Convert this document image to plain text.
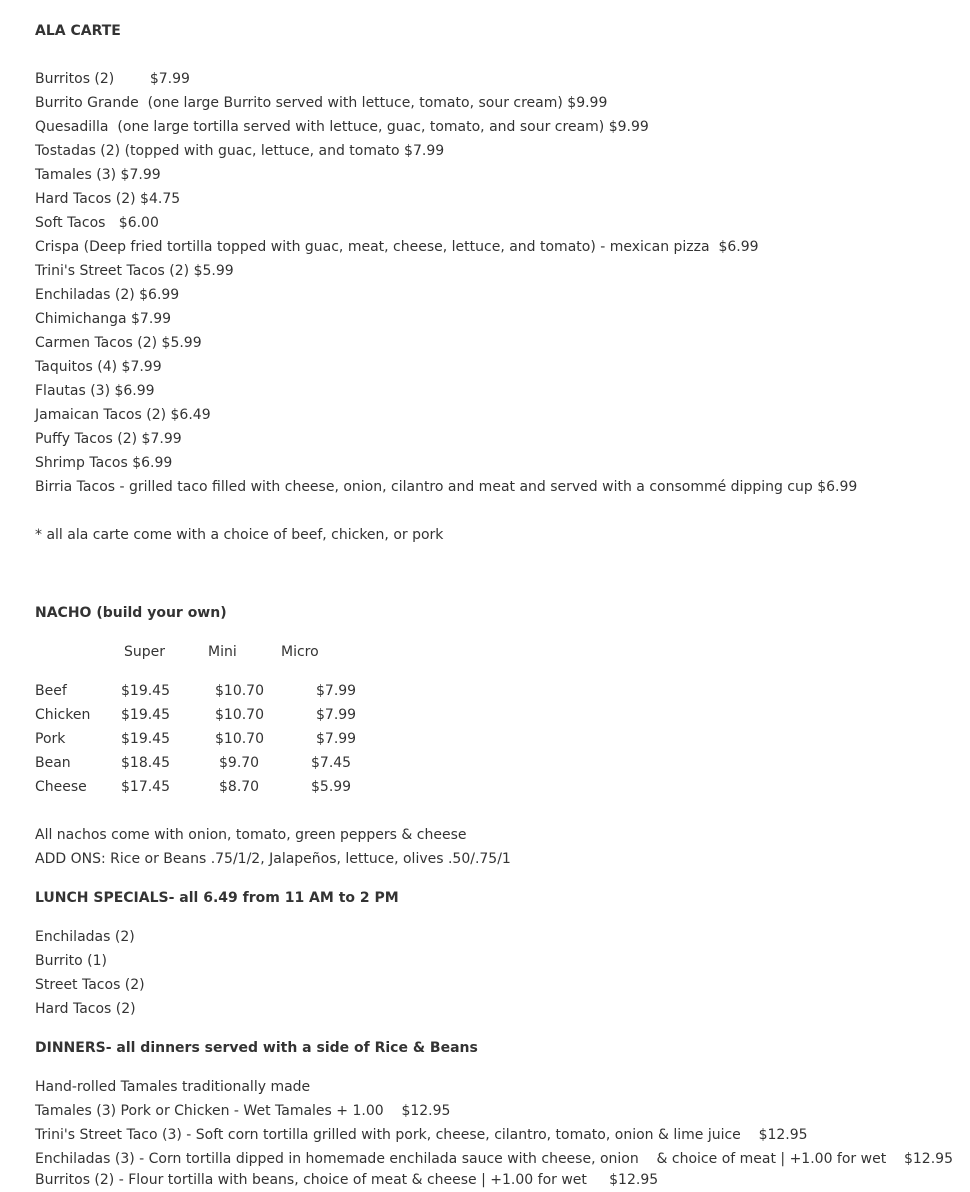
ALA CARTE
Burritos (2)        $7.99
Burrito Grande  (one large Burrito served with lettuce, tomato, sour cream) $9.99
Quesadilla  (one large tortilla served with lettuce, guac, tomato, and sour cream) $9.99
Tostadas (2) (topped with guac, lettuce, and tomato $7.99
Tamales (3) $7.99
Hard Tacos (2) $4.75
Soft Tacos   $6.00
Crispa (Deep fried tortilla topped with guac, meat, cheese, lettuce, and tomato) - mexican pizza  $6.99
Trini's Street Tacos (2) $5.99
Enchiladas (2) $6.99
Chimichanga $7.99
Carmen Tacos (2) $5.99
Taquitos (4) $7.99
Flautas (3) $6.99
Jamaican Tacos (2) $6.49
Puffy Tacos (2) $7.99
Shrimp Tacos $6.99
Birria Tacos - grilled taco filled with cheese, onion, cilantro and meat and served with a consommé dipping cup $6.99
* all ala carte come with a choice of beef, chicken, or pork
NACHO (build your own)
Super	Mini	Micro
Beef	$19.45	$10.70	$7.99
Chicken $19.45	$10.70	$7.99
Pork	$19.45	$10.70	$7.99
Bean	$18.45	$9.70	$7.45
Cheese $17.45	$8.70	$5.99
All nachos come with onion, tomato, green peppers & cheese
ADD ONS: Rice or Beans .75/1/2, Jalapeños, lettuce, olives .50/.75/1
LUNCH SPECIALS- all 6.49 from 11 AM to 2 PM
Enchiladas (2)
Burrito (1)
Street Tacos (2)
Hard Tacos (2)
DINNERS- all dinners served with a side of Rice & Beans
Hand-rolled Tamales traditionally made
Tamales (3) Pork or Chicken - Wet Tamales + 1.00    $12.95
Trini's Street Taco (3) - Soft corn tortilla grilled with pork, cheese, cilantro, tomato, onion & lime juice    $12.95
Enchiladas (3) - Corn tortilla dipped in homemade enchilada sauce with cheese, onion    & choice of meat | +1.00 for wet    $12.95
Burritos (2) - Flour tortilla with beans, choice of meat & cheese | +1.00 for wet     $12.95
